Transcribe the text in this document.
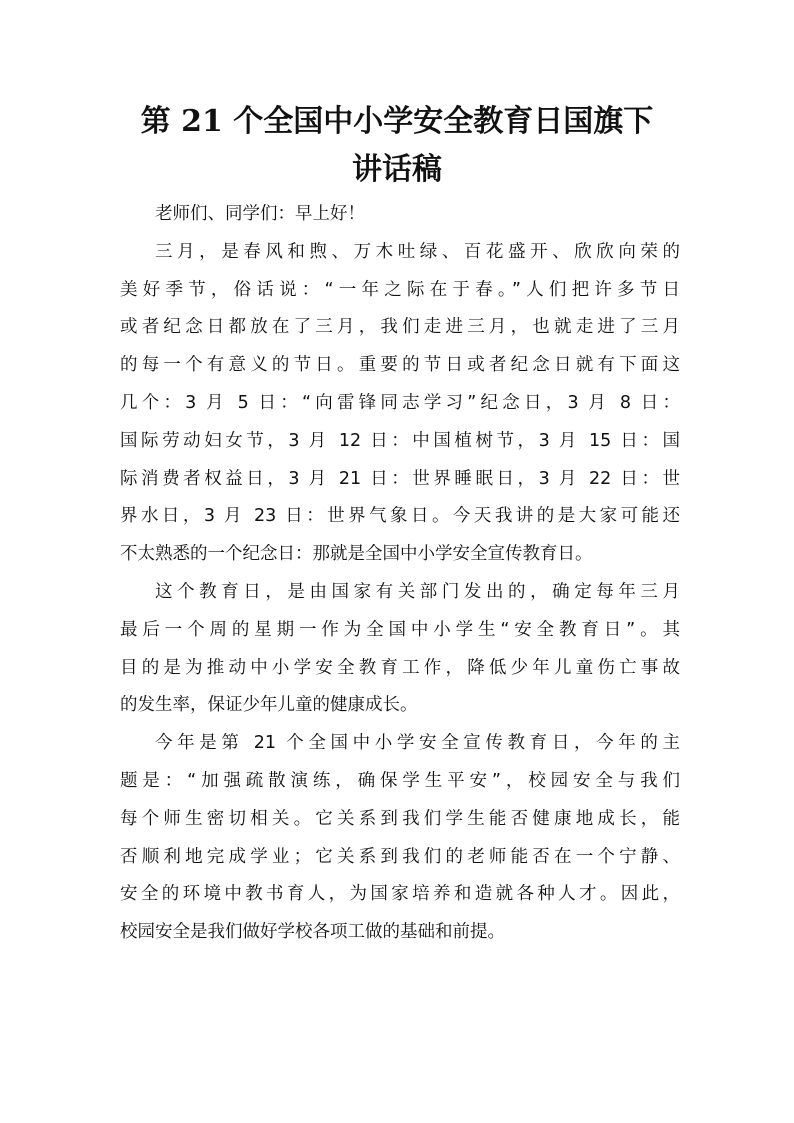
第 21 个全国中小学安全教育日国旗下
讲话稿

老师们、同学们：早上好！

三月，是春风和煦、万木吐绿、百花盛开、欣欣向荣的
美好季节，俗话说：“一年之际在于春。”人们把许多节日
或者纪念日都放在了三月，我们走进三月，也就走进了三月
的每一个有意义的节日。重要的节日或者纪念日就有下面这
几个：3 月 5 日：“向雷锋同志学习”纪念日，3 月 8 日：
国际劳动妇女节，3 月 12 日：中国植树节，3 月 15 日：国
际消费者权益日，3 月 21 日：世界睡眠日，3 月 22 日：世
界水日，3 月 23 日：世界气象日。今天我讲的是大家可能还
不太熟悉的一个纪念日：那就是全国中小学安全宣传教育日。

这个教育日，是由国家有关部门发出的，确定每年三月
最后一个周的星期一作为全国中小学生“安全教育日”。其
目的是为推动中小学安全教育工作，降低少年儿童伤亡事故
的发生率，保证少年儿童的健康成长。

今年是第 21 个全国中小学安全宣传教育日，今年的主
题是：“加强疏散演练，确保学生平安”，校园安全与我们
每个师生密切相关。它关系到我们学生能否健康地成长，能
否顺利地完成学业；它关系到我们的老师能否在一个宁静、
安全的环境中教书育人，为国家培养和造就各种人才。因此，
校园安全是我们做好学校各项工做的基础和前提。
